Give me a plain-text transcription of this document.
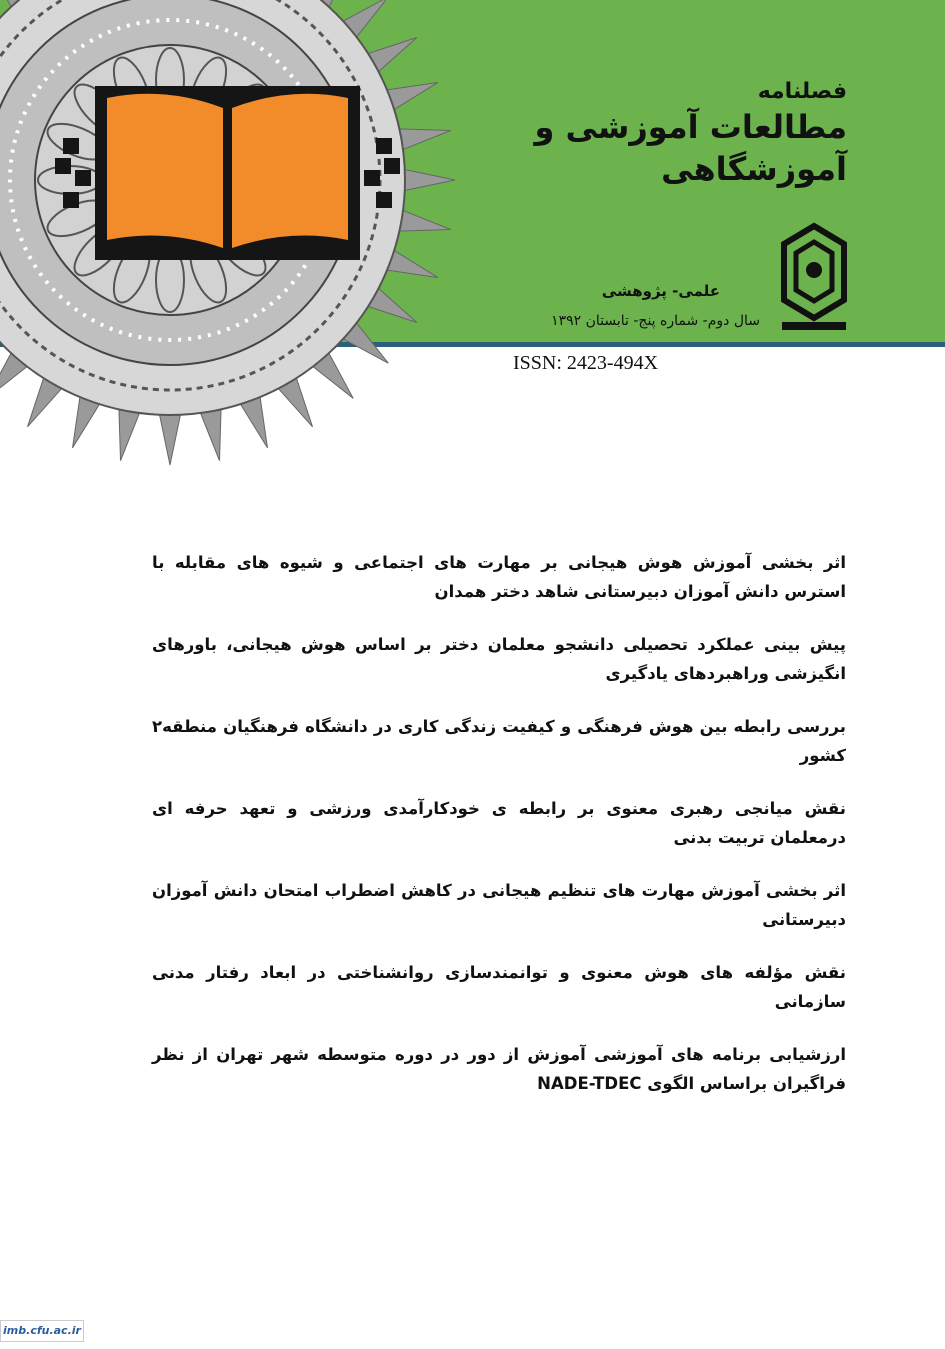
فصلنامه
مطالعات آموزشی و
آموزشگاهی
علمی- پژوهشی
سال دوم- شماره پنج- تابستان ۱۳۹۲
ISSN: 2423-494X
اثر بخشی آموزش هوش هیجانی بر مهارت های اجتماعی و شیوه های مقابله با استرس دانش آموزان دبیرستانی شاهد دختر همدان
پیش بینی عملکرد تحصیلی دانشجو معلمان دختر بر اساس هوش هیجانی، باورهای انگیزشی وراهبردهای یادگیری
بررسی رابطه بین هوش فرهنگی و کیفیت زندگی کاری در دانشگاه فرهنگیان منطقه۲ کشور
نقش میانجی رهبری معنوی بر رابطه ی خودکارآمدی ورزشی و تعهد حرفه ای درمعلمان تربیت بدنی
اثر بخشی آموزش مهارت های تنظیم هیجانی در کاهش اضطراب امتحان دانش آموزان دبیرستانی
نقش مؤلفه های هوش معنوی و توانمندسازی روانشناختی در ابعاد رفتار مدنی سازمانی
ارزشیابی برنامه های آموزشی آموزش از دور در دوره متوسطه شهر تهران از نظر فراگیران براساس الگوی NADE-TDEC
imb.cfu.ac.ir
